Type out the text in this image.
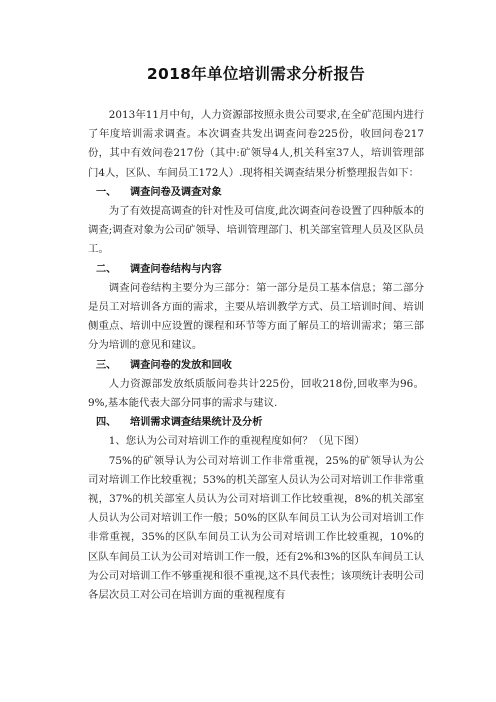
2018年单位培训需求分析报告

2013年11月中旬，人力资源部按照永贵公司要求,在全矿范围内进行了年度培训需求调查。本次调查共发出调查问卷225份，收回问卷217份，其中有效问卷217份（其中:矿领导4人,机关科室37人，培训管理部门4人，区队、车间员工172人）.现将相关调查结果分析整理报告如下：

一、 调查问卷及调查对象

为了有效提高调查的针对性及可信度,此次调查问卷设置了四种版本的调查;调查对象为公司矿领导、培训管理部门、机关部室管理人员及区队员工。

二、 调查问卷结构与内容

调查问卷结构主要分为三部分：第一部分是员工基本信息；第二部分是员工对培训各方面的需求，主要从培训教学方式、员工培训时间、培训侧重点、培训中应设置的课程和环节等方面了解员工的培训需求；第三部分为培训的意见和建议。

三、 调查问卷的发放和回收

人力资源部发放纸质版问卷共计225份，回收218份,回收率为96。9%,基本能代表大部分同事的需求与建议.

四、 培训需求调查结果统计及分析

1、您认为公司对培训工作的重视程度如何？（见下图）

75%的矿领导认为公司对培训工作非常重视，25%的矿领导认为公司对培训工作比较重视；53%的机关部室人员认为公司对培训工作非常重视，37%的机关部室人员认为公司对培训工作比较重视，8%的机关部室人员认为公司对培训工作一般；50%的区队车间员工认为公司对培训工作非常重视，35%的区队车间员工认为公司对培训工作比较重视，10%的区队车间员工认为公司对培训工作一般，还有2%和3%的区队车间员工认为公司对培训工作不够重视和很不重视,这不具代表性；该项统计表明公司各层次员工对公司在培训方面的重视程度有
